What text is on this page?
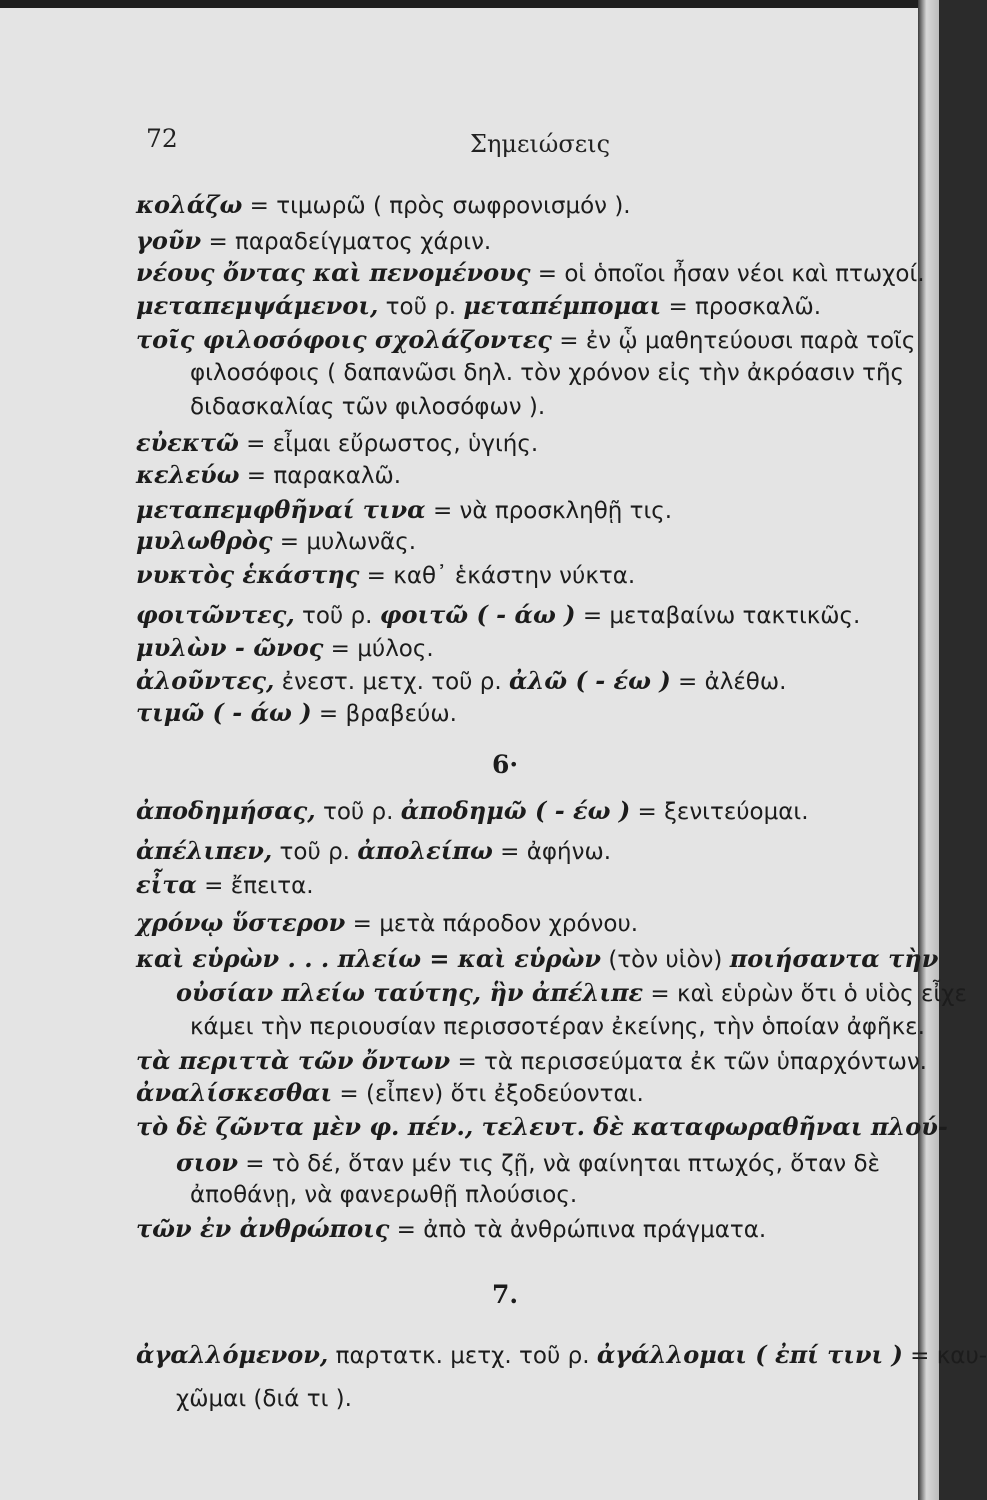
72	Σημειώσεις
κολάζω = τιμωρῶ ( πρὸς σωφρονισμόν ).
γοῦν = παραδείγματος χάριν.
νέους ὄντας καὶ πενομένους = οἱ ὁποῖοι ἦσαν νέοι καὶ πτωχοί.
μεταπεμψάμενοι, τοῦ ρ. μεταπέμπομαι = προσκαλῶ.
τοῖς φιλοσόφοις σχολάζοντες = ἐν ᾧ μαθητεύουσι παρὰ τοῖς
φιλοσόφοις ( δαπανῶσι δηλ. τὸν χρόνον εἰς τὴν ἀκρόασιν τῆς
διδασκαλίας τῶν φιλοσόφων ).
εὐεκτῶ = εἶμαι εὔρωστος, ὑγιής.
κελεύω = παρακαλῶ.
μεταπεμφθῆναί τινα = νὰ προσκληθῇ τις.
μυλωθρὸς = μυλωνᾶς.
νυκτὸς ἑκάστης = καθ᾽ ἑκάστην νύκτα.
φοιτῶντες, τοῦ ρ. φοιτῶ ( - άω ) = μεταβαίνω τακτικῶς.
μυλὼν - ῶνος = μύλος.
ἀλοῦντες, ἐνεστ. μετχ. τοῦ ρ. ἀλῶ ( - έω ) = ἀλέθω.
τιμῶ ( - άω ) = βραβεύω.
6·
ἀποδημήσας, τοῦ ρ. ἀποδημῶ ( - έω ) = ξενιτεύομαι.
ἀπέλιπεν, τοῦ ρ. ἀπολείπω = ἀφήνω.
εἶτα = ἔπειτα.
χρόνῳ ὕστερον = μετὰ πάροδον χρόνου.
καὶ εὑρὼν . . . πλείω = καὶ εὑρὼν (τὸν υἱὸν) ποιήσαντα τὴν
οὐσίαν πλείω ταύτης, ἣν ἀπέλιπε = καὶ εὑρὼν ὅτι ὁ υἱὸς εἶχε
κάμει τὴν περιουσίαν περισσοτέραν ἐκείνης, τὴν ὁποίαν ἀφῆκε.
τὰ περιττὰ τῶν ὄντων = τὰ περισσεύματα ἐκ τῶν ὑπαρχόντων.
ἀναλίσκεσθαι = (εἶπεν) ὅτι ἐξοδεύονται.
τὸ δὲ ζῶντα μὲν φ. πέν., τελευτ. δὲ καταφωραθῆναι πλού-
σιον = τὸ δέ, ὅταν μέν τις ζῇ, νὰ φαίνηται πτωχός, ὅταν δὲ
ἀποθάνῃ, νὰ φανερωθῇ πλούσιος.
τῶν ἐν ἀνθρώποις = ἀπὸ τὰ ἀνθρώπινα πράγματα.
7.
ἀγαλλόμενον, παρτατκ. μετχ. τοῦ ρ. ἀγάλλομαι ( ἐπί τινι ) = καυ-
χῶμαι (διά τι ).
